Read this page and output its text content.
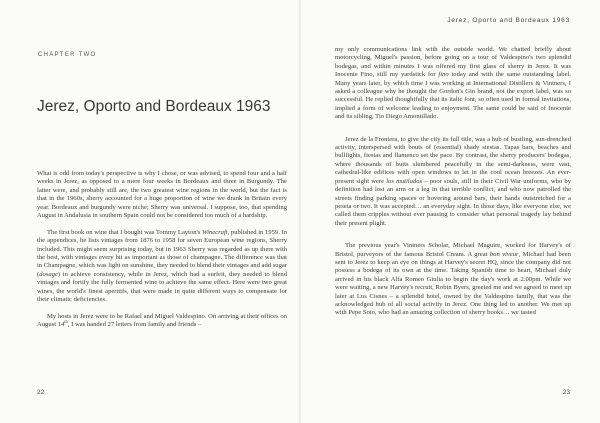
CHAPTER TWO
Jerez, Oporto and Bordeaux 1963

What is odd from today's perspective is why I chose, or was advised, to spend four and a half weeks in Jerez, as opposed to a mere four weeks in Bordeaux and three in Burgundy. The latter were, and probably still are, the two greatest wine regions in the world, but the fact is that in the 1960s, sherry accounted for a huge proportion of wine we drank in Britain every year. Bordeaux and burgundy were niche; Sherry was universal. I suppose, too, that spending August in Andalusia in southern Spain could not be considered too much of a hardship.

The first book on wine that I bought was Tommy Layton's Winecraft, published in 1959. In the appendices, he lists vintages from 1876 to 1958 for seven European wine regions, Sherry included. This might seem surprising today, but in 1963 Sherry was regarded as up there with the best, with vintages every bit as important as those of champagne. The difference was that in Champagne, which was light on sunshine, they needed to blend their vintages and add sugar (dosage) to achieve consistency, while in Jerez, which had a surfeit, they needed to blend vintages and fortify the fully fermented wine to achieve the same effect. Here were two great wines, the world's finest aperitifs, that were made in quite different ways to compensate for their climatic deficiencies.

My hosts in Jerez were to be Rafael and Miguel Valdespino. On arriving at their offices on August 14th, I was handed 27 letters from family and friends –

22
Jerez, Oporto and Bordeaux 1963

my only communications link with the outside world. We chatted briefly about motorcycling, Miguel's passion, before going on a tour of Valdespino's two splendid bodegas, and within minutes I was offered my first glass of sherry in Jerez. It was Inocente Fino, still my yardstick for fino today and with the same outstanding label. Many years later, by which time I was working at International Distillers & Vintners, I asked a colleague why he thought the Gordon's Gin brand, not the export label, was so successful. He replied thoughtfully that its italic font, so often used in formal invitations, implied a form of welcome leading to enjoyment. The same could be said of Inocente and its sibling, Tio Diego Amontillado.

Jerez de la Frontera, to give the city its full title, was a hub of bustling, sun-drenched activity, interspersed with bouts of (essential) shady siestas. Tapas bars, beaches and bullfights, fiestas and flamenco set the pace. By contrast, the sherry producers' bodegas, where thousands of butts slumbered peacefully in the semi-darkness, were vast, cathedral-like edifices with open windows to let in the cool ocean breezes. An ever-present sight were los mutilados – poor souls, still in their Civil War uniforms, who by definition had lost an arm or a leg in that terrible conflict, and who now patrolled the streets finding parking spaces or hovering around bars, their hands outstretched for a peseta or two. It was accepted… an everyday sight. In those days, like everyone else, we called them cripples without ever pausing to consider what personal tragedy lay behind their present plight.

The previous year's Vintners Scholar, Michael Maguire, worked for Harvey's of Bristol, purveyors of the famous Bristol Cream. A great bon viveur, Michael had been sent to Jerez to keep an eye on things at Harvey's secret HQ, since the company did not possess a bodega of its own at the time. Taking Spanish time to heart, Michael duly arrived in his black Alfa Romeo Giulia to begin the day's work at 2.00pm. While we were waiting, a new Harvey's recruit, Robin Byers, greeted me and we agreed to meet up later at Los Cisnes – a splendid hotel, owned by the Valdespino family, that was the acknowledged hub of all social activity in Jerez. One thing led to another. We met up with Pepe Soto, who had an amazing collection of sherry books… we tasted

23
